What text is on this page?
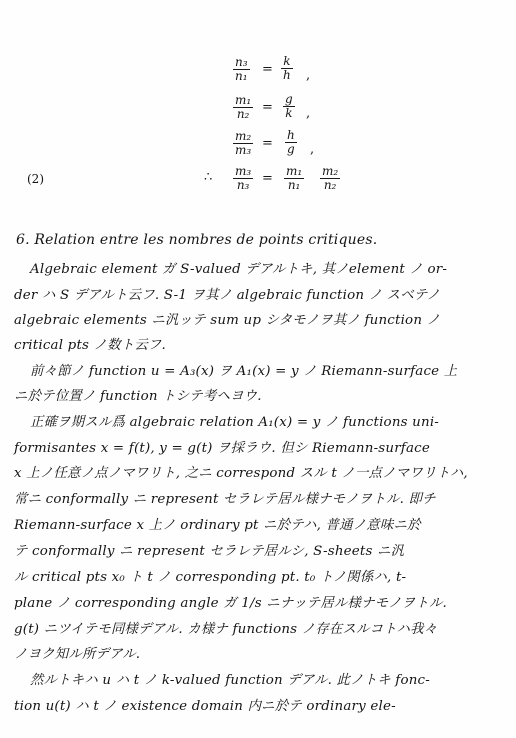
$\frac{\text{n₃}}{\text{n₁}} = \frac{k}{h}$ ,
$\frac{\text{m₁}}{\text{n₂}} = \frac{g}{k}$ ,
$\frac{\text{m₂}}{\text{m₃}} = \frac{h}{g}$ ,
(2)	∴ $\frac{\text{m₃}}{\text{n₃}} = \frac{\text{m₁}}{\text{n₁}} \frac{\text{m₂}}{\text{n₂}}$
6. Relation entre les nombres de points critiques.
Algebraic element ガ S-valued デアルトキ, 其ノelement ノ or-
der ハ S デアルト云フ. S-1 ヲ其ノ algebraic function ノ スベテノ
algebraic elements ニ汎ッテ sum up シタモノヲ其ノ function ノ
critical pts ノ数ト云フ.
前々節ノ function u = A₃(x) ヲ A₁(x) = y ノ Riemann-surface 上
ニ於テ位置ノ function トシテ考ヘヨウ.
正確ヲ期スル爲 algebraic relation A₁(x) = y ノ functions uni-
formisantes x = f(t), y = g(t) ヲ採ラウ. 但シ Riemann-surface
x 上ノ任意ノ点ノマワリト, 之ニ correspond スル t ノ一点ノマワリトハ,
常ニ conformally ニ represent セラレテ居ル様ナモノヲトル. 即チ
Riemann-surface x 上ノ ordinary pt ニ於テハ, 普通ノ意味ニ於
テ conformally ニ represent セラレテ居ルシ, S-sheets ニ汎
ル critical pts x₀ ト t ノ corresponding pt. t₀ トノ関係ハ, t-
plane ノ corresponding angle ガ 1/s ニナッテ居ル様ナモノヲトル.
g(t) ニツイテモ同様デアル. カ様ナ functions ノ存在スルコトハ我々
ノヨク知ル所デアル.
然ルトキハ u ハ t ノ k-valued function デアル. 此ノトキ fonc-
tion u(t) ハ t ノ existence domain 内ニ於テ ordinary ele-
